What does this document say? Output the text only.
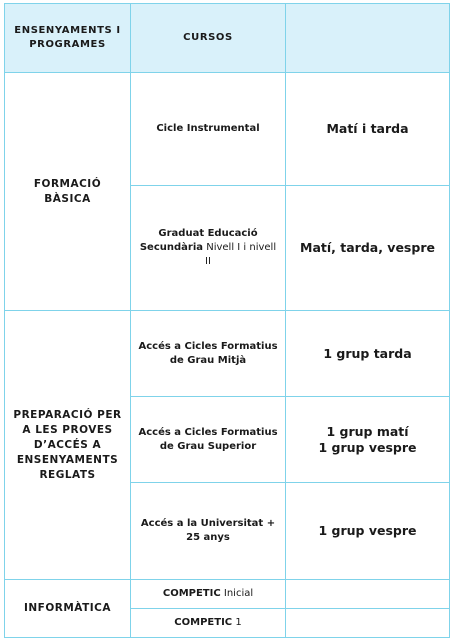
ENSENYAMENTS I PROGRAMES	CURSOS	
FORMACIÓ BÀSICA	Cicle Instrumental	Matí i tarda

	Graduat Educació Secundària Nivell I i nivell II	Matí, tarda, vespre

PREPARACIÓ PER A LES PROVES D’ACCÉS A ENSENYAMENTS REGLATS	Accés a Cicles Formatius de Grau Mitjà	1 grup tarda

	Accés a Cicles Formatius de Grau Superior	1 grup matí
1 grup vespre

	Accés a la Universitat + 25 anys	1 grup vespre

INFORMÀTICA	COMPETIC Inicial	
	COMPETIC 1	
